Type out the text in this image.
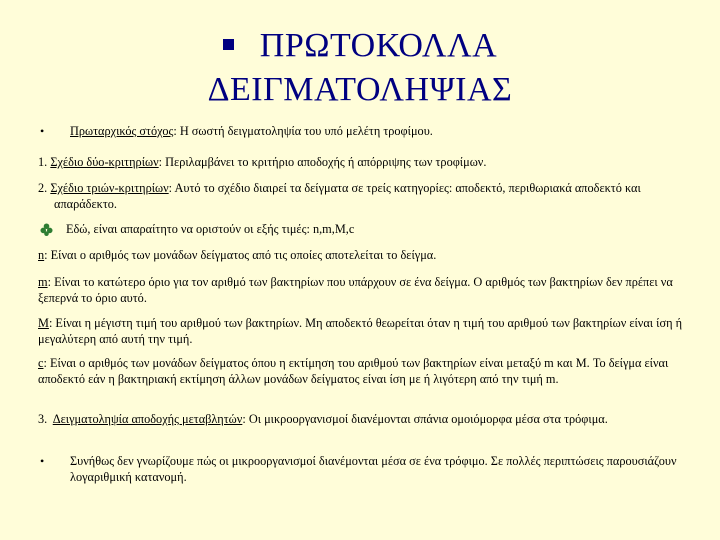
ΠΡΩΤΟΚΟΛΛΑ
ΔΕΙΓΜΑΤΟΛΗΨΙΑΣ
•	Πρωταρχικός στόχος: Η σωστή δειγματοληψία του υπό μελέτη τροφίμου.
1. Σχέδιο δύο-κριτηρίων: Περιλαμβάνει το κριτήριο αποδοχής ή απόρριψης των τροφίμων.
2. Σχέδιο τριών-κριτηρίων: Αυτό το σχέδιο διαιρεί τα δείγματα σε τρείς κατηγορίες: αποδεκτό, περιθωριακά αποδεκτό και απαράδεκτο.
Εδώ, είναι απαραίτητο να οριστούν οι εξής τιμές: n,m,M,c
n: Είναι ο αριθμός των μονάδων δείγματος από τις οποίες αποτελείται το δείγμα.
m: Είναι το κατώτερο όριο για τον αριθμό των βακτηρίων που υπάρχουν σε ένα δείγμα. Ο αριθμός των βακτηρίων δεν πρέπει να ξεπερνά το όριο αυτό.
M: Είναι η μέγιστη τιμή του αριθμού των βακτηρίων. Μη αποδεκτό θεωρείται όταν η τιμή του αριθμού των βακτηρίων είναι ίση ή μεγαλύτερη από αυτή την τιμή.
c: Είναι ο αριθμός των μονάδων δείγματος όπου η εκτίμηση του αριθμού των βακτηρίων είναι μεταξύ m και M. Το δείγμα είναι αποδεκτό εάν η βακτηριακή εκτίμηση άλλων μονάδων δείγματος είναι ίση με ή λιγότερη από την τιμή m.
3. Δειγματοληψία αποδοχής μεταβλητών: Οι μικροοργανισμοί διανέμονται σπάνια ομοιόμορφα μέσα στα τρόφιμα.
•	Συνήθως δεν γνωρίζουμε πώς οι μικροοργανισμοί διανέμονται μέσα σε ένα τρόφιμο. Σε πολλές περιπτώσεις παρουσιάζουν λογαριθμική κατανομή.
